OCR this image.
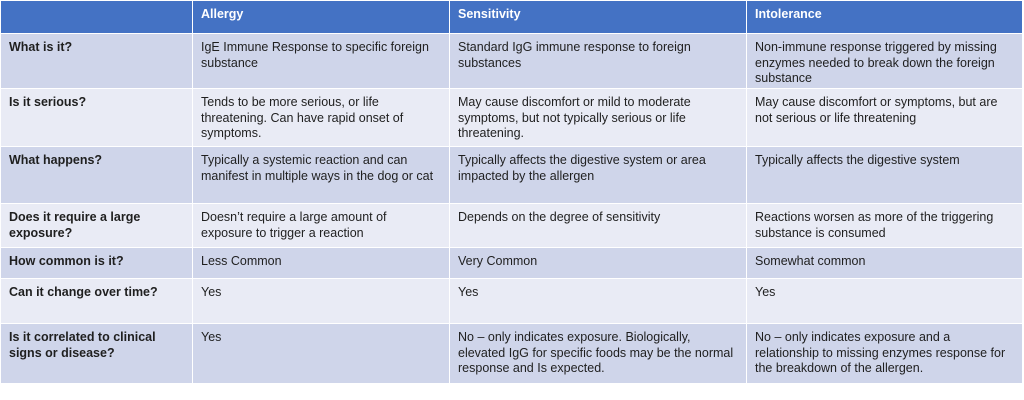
	Allergy	Sensitivity	Intolerance
What is it?	IgE Immune Response to specific foreign substance	Standard IgG immune response to foreign substances	Non-immune response triggered by missing enzymes needed to break down the foreign substance
Is it serious?	Tends to be more serious, or life threatening. Can have rapid onset of symptoms.	May cause discomfort or mild to moderate symptoms, but not typically serious or life threatening.	May cause discomfort or symptoms, but are not serious or life threatening
What happens?	Typically a systemic reaction and can manifest in multiple ways in the dog or cat	Typically affects the digestive system or area impacted by the allergen	Typically affects the digestive system
Does it require a large exposure?	Doesn’t require a large amount of exposure to trigger a reaction	Depends on the degree of sensitivity	Reactions worsen as more of the triggering substance is consumed
How common is it?	Less Common	Very Common	Somewhat common
Can it change over time?	Yes	Yes	Yes
Is it correlated to clinical signs or disease?	Yes	No – only indicates exposure. Biologically, elevated IgG for specific foods may be the normal response and Is expected.	No – only indicates exposure and a relationship to missing enzymes response for the breakdown of the allergen.
